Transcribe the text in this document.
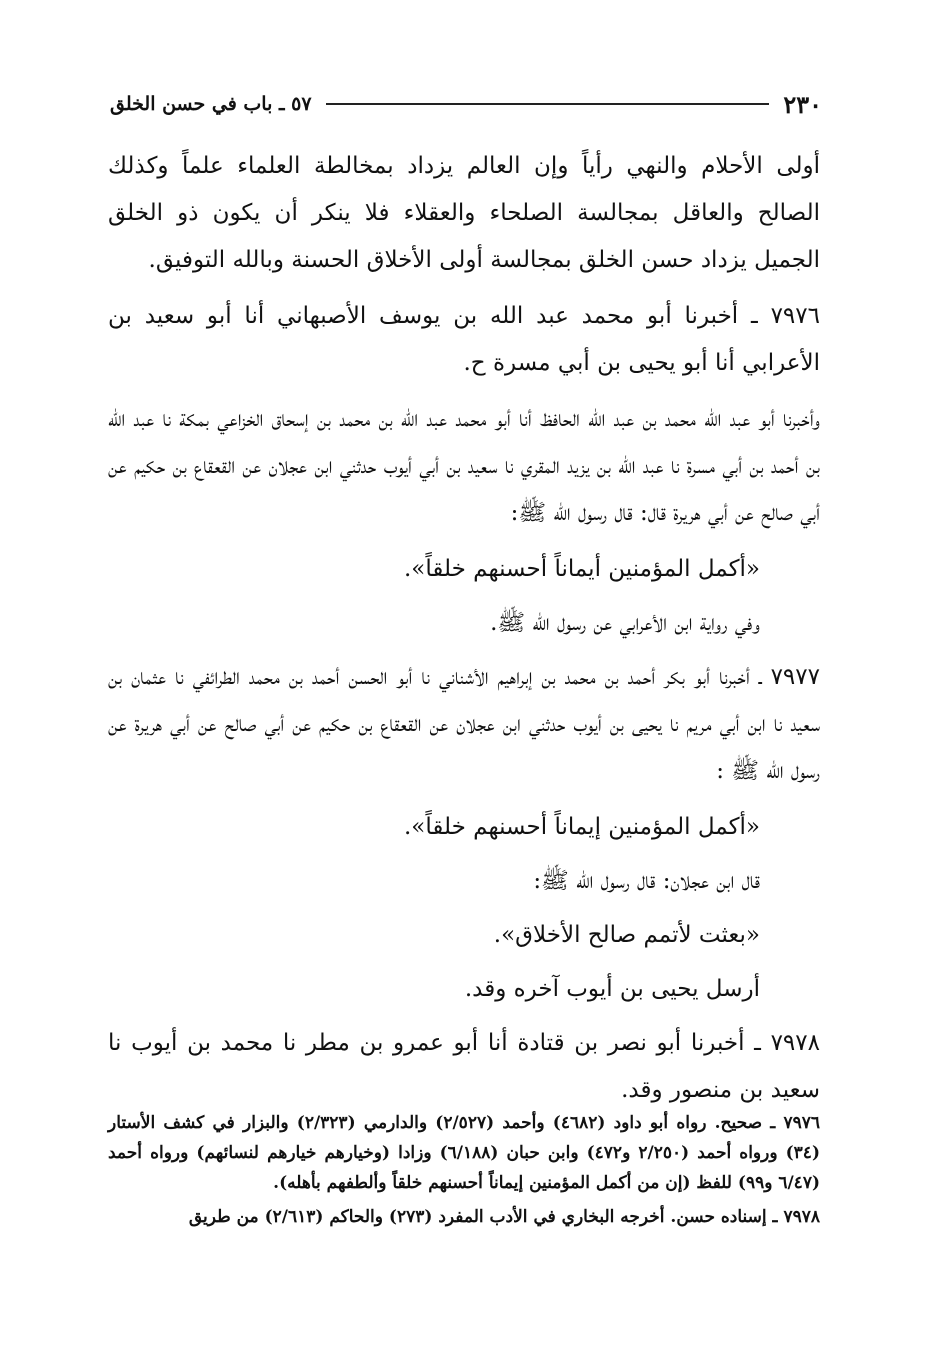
٢٣٠
٥٧ ـ باب في حسن الخلق

أولى الأحلام والنهي رأياً وإن العالم يزداد بمخالطة العلماء علماً وكذلك الصالح والعاقل بمجالسة الصلحاء والعقلاء فلا ينكر أن يكون ذو الخلق الجميل يزداد حسن الخلق بمجالسة أولى الأخلاق الحسنة وبالله التوفيق.

٧٩٧٦ ـ أخبرنا أبو محمد عبد الله بن يوسف الأصبهاني أنا أبو سعيد بن الأعرابي أنا أبو يحيى بن أبي مسرة ح.

وأخبرنا أبو عبد الله محمد بن عبد الله الحافظ أنا أبو محمد عبد الله بن محمد بن إسحاق الخزاعي بمكة نا عبد الله بن أحمد بن أبي مسرة نا عبد الله بن يزيد المقري نا سعيد بن أبي أيوب حدثني ابن عجلان عن القعقاع بن حكيم عن أبي صالح عن أبي هريرة قال: قال رسول الله ﷺ:

«أكمل المؤمنين أيماناً أحسنهم خلقاً».

وفي رواية ابن الأعرابي عن رسول الله ﷺ.

٧٩٧٧ ـ أخبرنا أبو بكر أحمد بن محمد بن إبراهيم الأشناني نا أبو الحسن أحمد بن محمد الطرائفي نا عثمان بن سعيد نا ابن أبي مريم نا يحيى بن أيوب حدثني ابن عجلان عن القعقاع بن حكيم عن أبي صالح عن أبي هريرة عن رسول الله ﷺ :

«أكمل المؤمنين إيماناً أحسنهم خلقاً».

قال ابن عجلان: قال رسول الله ﷺ:

«بعثت لأتمم صالح الأخلاق».

أرسل يحيى بن أيوب آخره وقد.

٧٩٧٨ ـ أخبرنا أبو نصر بن قتادة أنا أبو عمرو بن مطر نا محمد بن أيوب نا سعيد بن منصور وقد.

٧٩٧٦ ـ صحيح. رواه أبو داود (٤٦٨٢) وأحمد (٢/٥٢٧) والدارمي (٢/٣٢٣) والبزار في كشف الأستار (٣٤) ورواه أحمد (٢/٢٥٠ و٤٧٢) وابن حبان (٦/١٨٨) وزادا (وخيارهم خيارهم لنسائهم) ورواه أحمد (٦/٤٧ و٩٩) للفظ (إن من أكمل المؤمنين إيماناً أحسنهم خلقاً وألطفهم بأهله).

٧٩٧٨ ـ إسناده حسن. أخرجه البخاري في الأدب المفرد (٢٧٣) والحاكم (٢/٦١٣) من طريق
